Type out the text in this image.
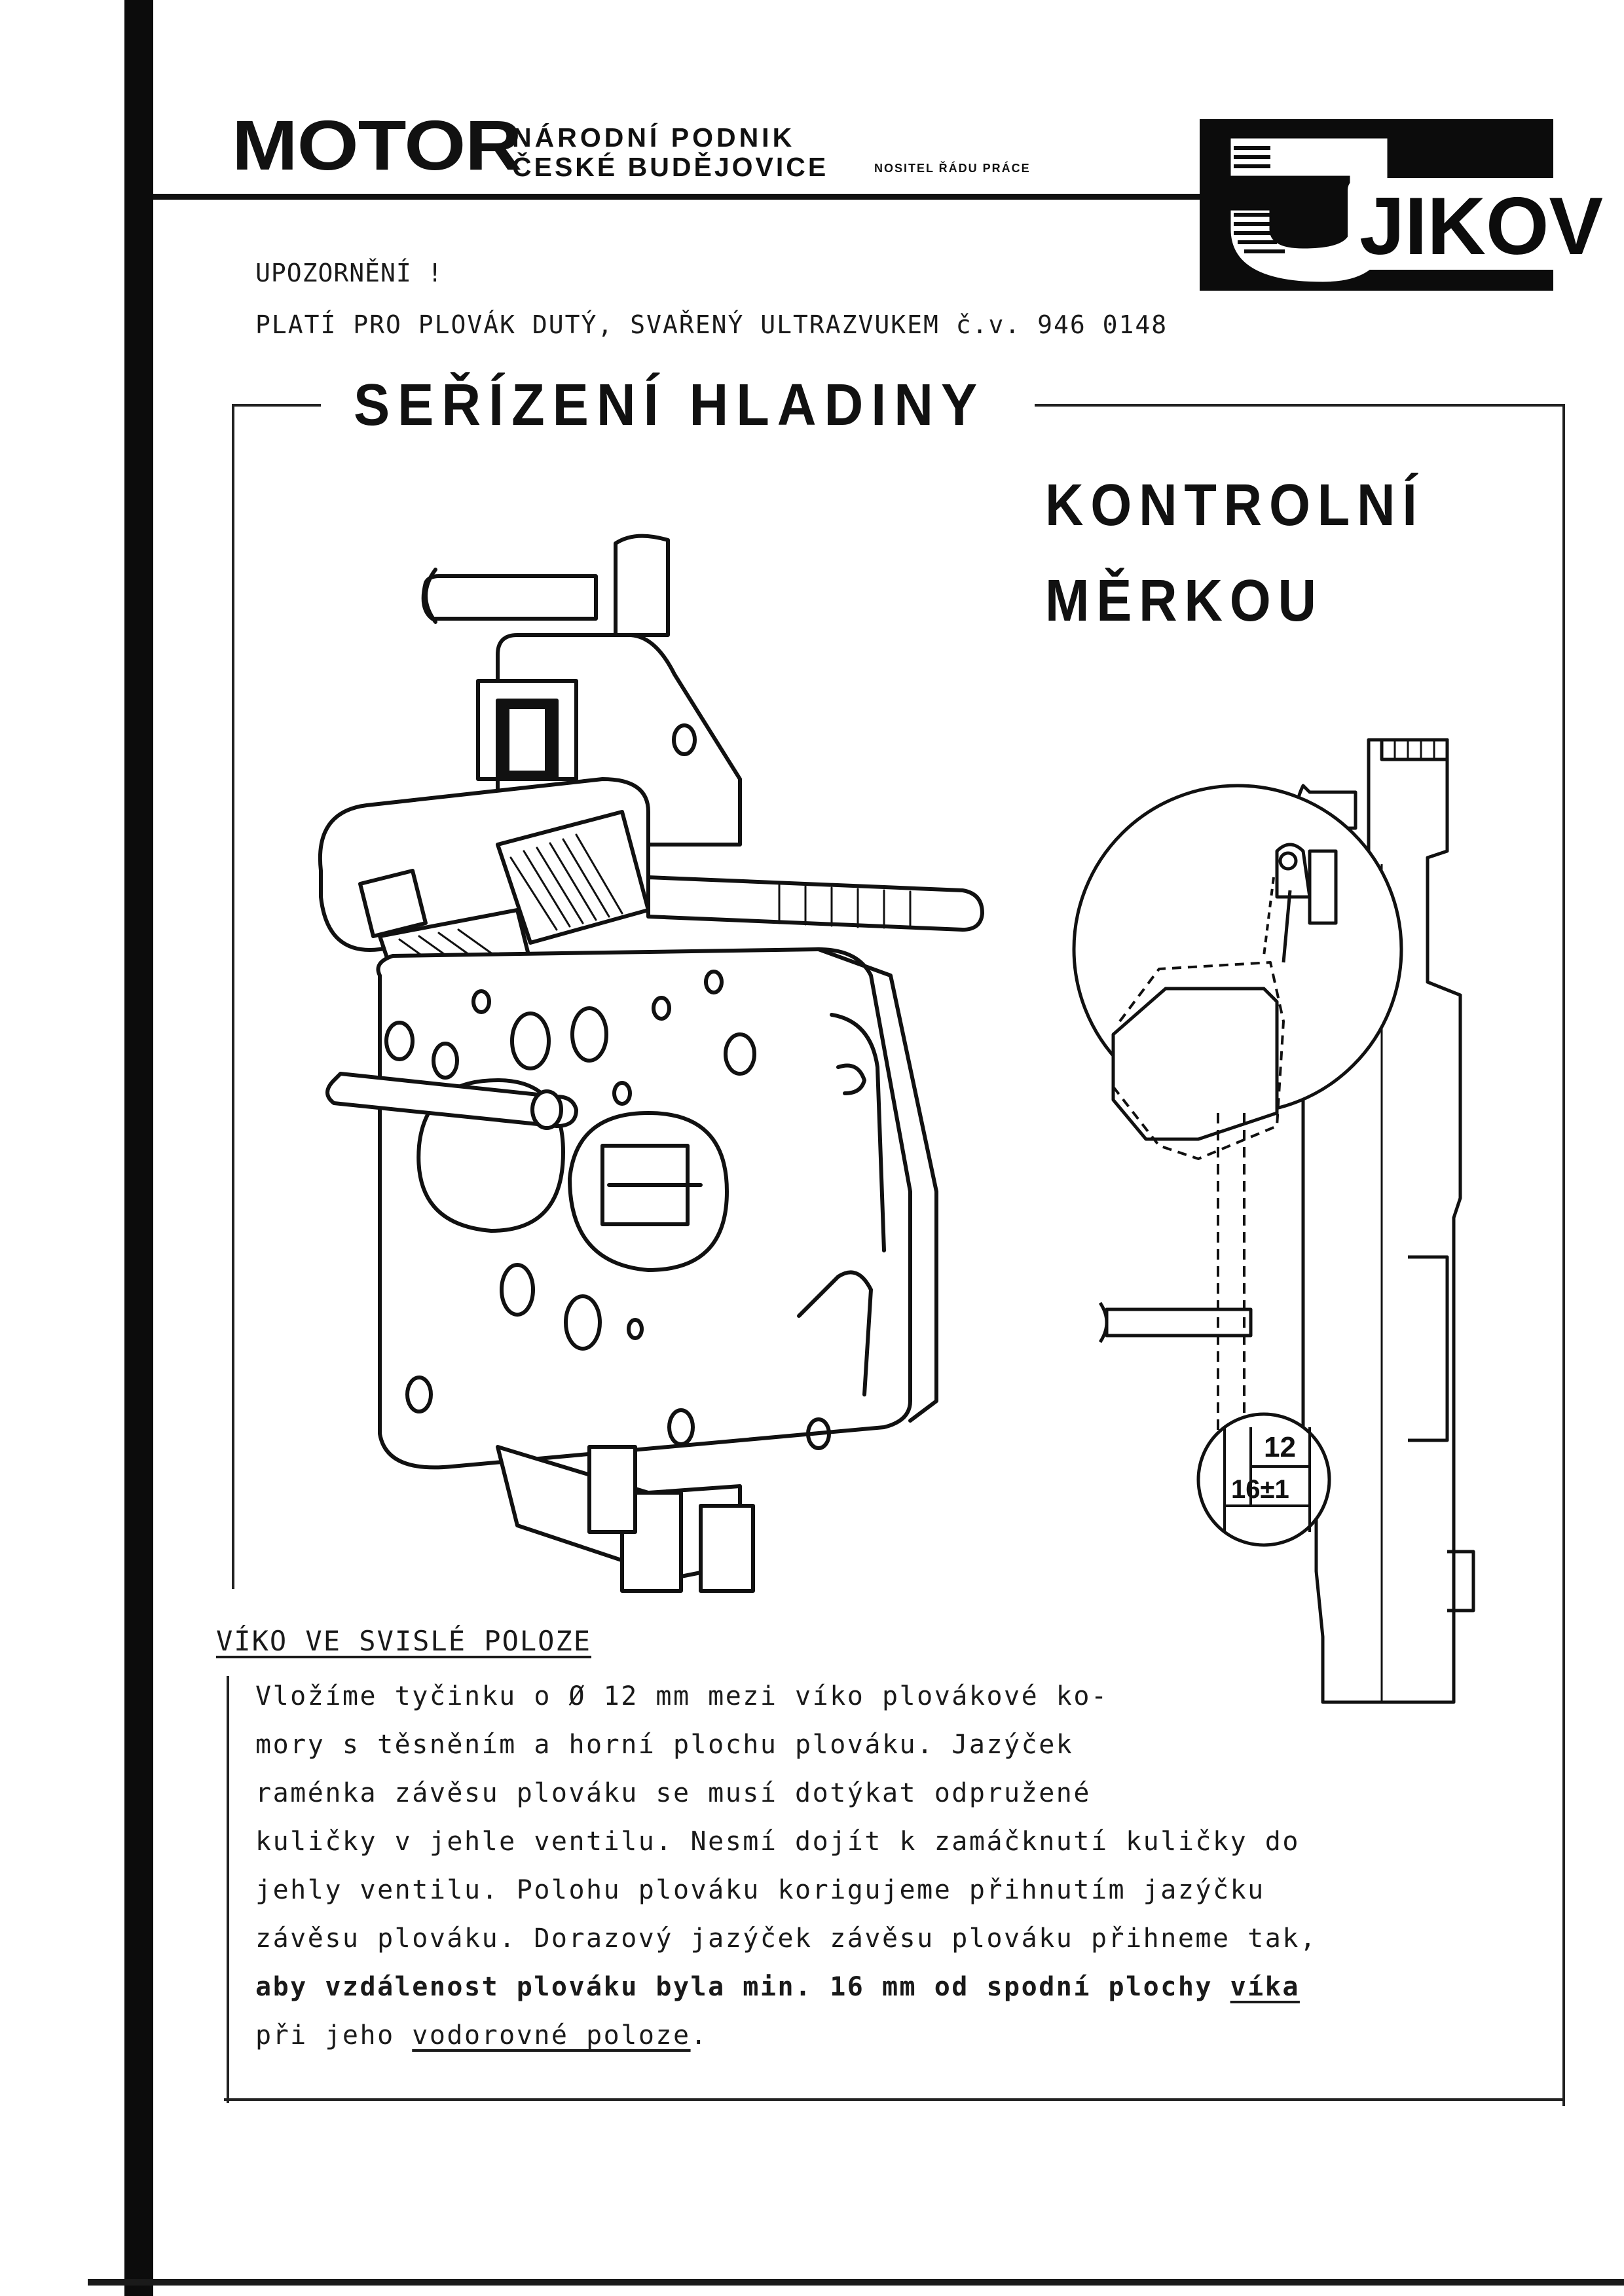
MOTOR
NÁRODNÍ PODNIK
ČESKÉ BUDĚJOVICE	NOSITEL ŘÁDU PRÁCE
JIKOV
UPOZORNĚNÍ !
PLATÍ PRO PLOVÁK DUTÝ, SVAŘENÝ ULTRAZVUKEM č.v. 946 0148
SEŘÍZENÍ HLADINY
KONTROLNÍ
MĚRKOU
12
16±1
VÍKO VE SVISLÉ POLOZE
Vložíme tyčinku o Ø 12 mm mezi víko plovákové ko-
mory s těsněním a horní plochu plováku. Jazýček
raménka závěsu plováku se musí dotýkat odpružené
kuličky v jehle ventilu. Nesmí dojít k zamáčknutí kuličky do
jehly ventilu. Polohu plováku korigujeme přihnutím jazýčku
závěsu plováku. Dorazový jazýček závěsu plováku přihneme tak,
aby vzdálenost plováku byla min. 16 mm od spodní plochy víka
při jeho vodorovné poloze.
